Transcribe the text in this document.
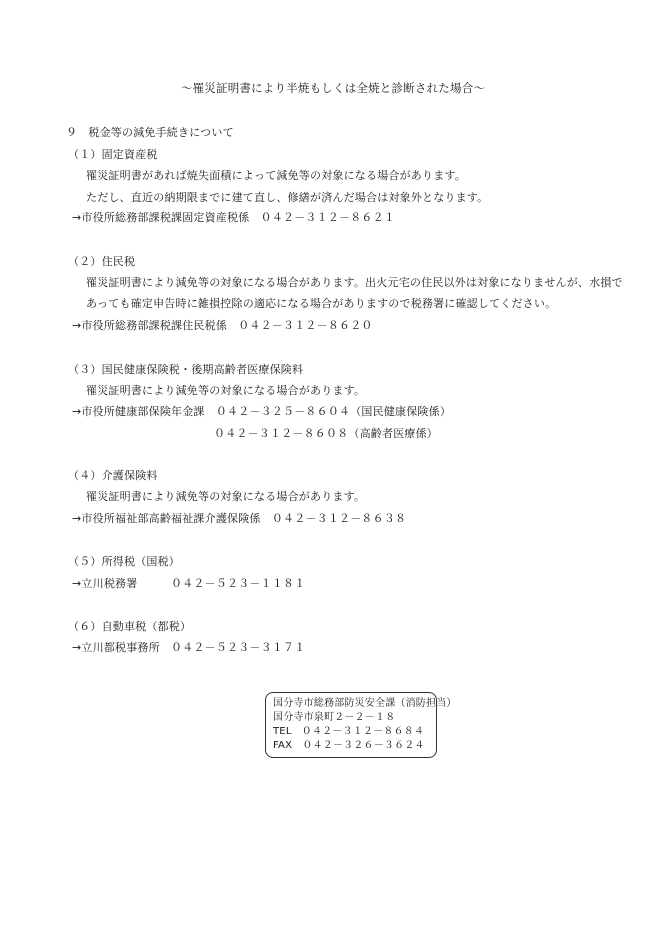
～罹災証明書により半焼もしくは全焼と診断された場合～
９　税金等の減免手続きについて
（１）固定資産税
罹災証明書があれば焼失面積によって減免等の対象になる場合があります。
ただし、直近の納期限までに建て直し、修繕が済んだ場合は対象外となります。
→市役所総務部課税課固定資産税係　０４２－３１２－８６２１
（２）住民税
罹災証明書により減免等の対象になる場合があります。出火元宅の住民以外は対象になりませんが、水損で
あっても確定申告時に雑損控除の適応になる場合がありますので税務署に確認してください。
→市役所総務部課税課住民税係　０４２－３１２－８６２０
（３）国民健康保険税・後期高齢者医療保険料
罹災証明書により減免等の対象になる場合があります。
→市役所健康部保険年金課　０４２－３２５－８６０４（国民健康保険係）
０４２－３１２－８６０８（高齢者医療係）
（４）介護保険料
罹災証明書により減免等の対象になる場合があります。
→市役所福祉部高齢福祉課介護保険係　０４２－３１２－８６３８
（５）所得税（国税）
→立川税務署　　　０４２－５２３－１１８１
（６）自動車税（都税）
→立川都税事務所　０４２－５２３－３１７１
国分寺市総務部防災安全課（消防担当）
国分寺市泉町２－２－１８
TEL　０４２－３１２－８６８４
FAX　０４２－３２６－３６２４
